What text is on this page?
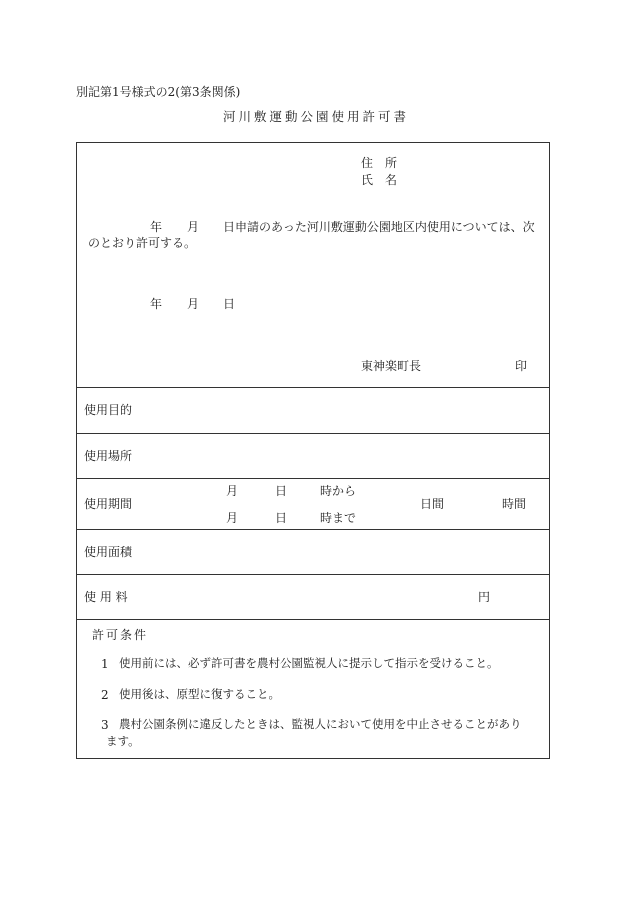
別記第1号様式の2(第3条関係)
河川敷運動公園使用許可書
住　所
氏　名
年 月 日申請のあった河川敷運動公園地区内使用については、次
のとおり許可する。
年 月 日
東神楽町長	印
使用目的
使用場所
使用期間
月	日	時から
月	日	時まで
日間	時間
使用面積
使 用 料	円
許可条件
1 使用前には、必ず許可書を農村公園監視人に提示して指示を受けること。
2 使用後は、原型に復すること。
3 農村公園条例に違反したときは、監視人において使用を中止させることがあり
ます。
